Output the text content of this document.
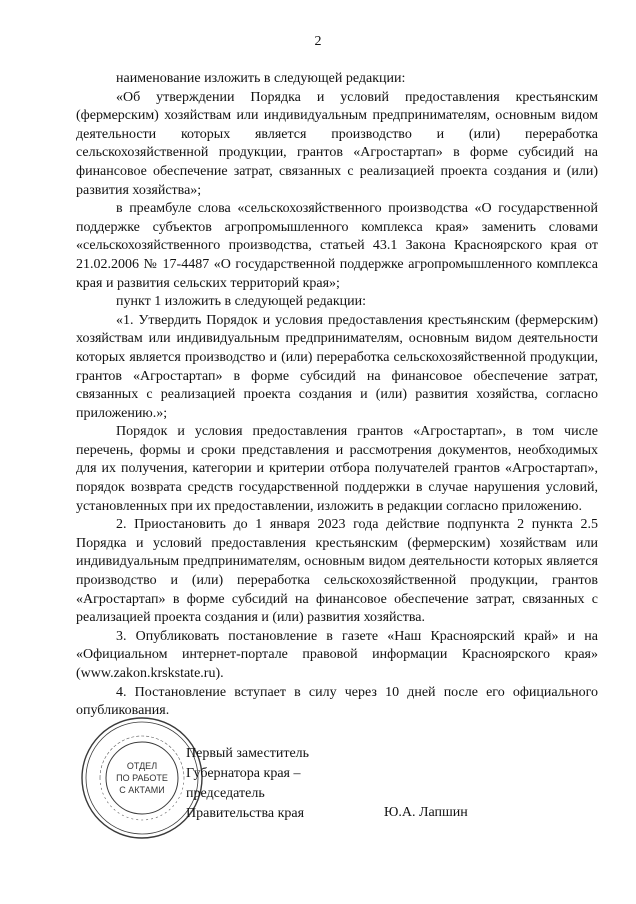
2

наименование изложить в следующей редакции:

«Об утверждении Порядка и условий предоставления крестьянским (фермерским) хозяйствам или индивидуальным предпринимателям, основным видом деятельности которых является производство и (или) переработка сельскохозяйственной продукции, грантов «Агростартап» в форме субсидий на финансовое обеспечение затрат, связанных с реализацией проекта создания и (или) развития хозяйства»;

в преамбуле слова «сельскохозяйственного производства «О государственной поддержке субъектов агропромышленного комплекса края» заменить словами «сельскохозяйственного производства, статьей 43.1 Закона Красноярского края от 21.02.2006 № 17-4487 «О государственной поддержке агропромышленного комплекса края и развития сельских территорий края»;

пункт 1 изложить в следующей редакции:

«1. Утвердить Порядок и условия предоставления крестьянским (фермерским) хозяйствам или индивидуальным предпринимателям, основным видом деятельности которых является производство и (или) переработка сельскохозяйственной продукции, грантов «Агростартап» в форме субсидий на финансовое обеспечение затрат, связанных с реализацией проекта создания и (или) развития хозяйства, согласно приложению.»;

Порядок и условия предоставления грантов «Агростартап», в том числе перечень, формы и сроки представления и рассмотрения документов, необходимых для их получения, категории и критерии отбора получателей грантов «Агростартап», порядок возврата средств государственной поддержки в случае нарушения условий, установленных при их предоставлении, изложить в редакции согласно приложению.

2. Приостановить до 1 января 2023 года действие подпункта 2 пункта 2.5 Порядка и условий предоставления крестьянским (фермерским) хозяйствам или индивидуальным предпринимателям, основным видом деятельности которых является производство и (или) переработка сельскохозяйственной продукции, грантов «Агростартап» в форме субсидий на финансовое обеспечение затрат, связанных с реализацией проекта создания и (или) развития хозяйства.

3. Опубликовать постановление в газете «Наш Красноярский край» и на «Официальном интернет-портале правовой информации Красноярского края» (www.zakon.krskstate.ru).

4. Постановление вступает в силу через 10 дней после его официального опубликования.

ОТДЕЛ
ПО РАБОТЕ
С АКТАМИ
Первый заместитель
Губернатора края –
председатель
Правительства края	Ю.А. Лапшин
